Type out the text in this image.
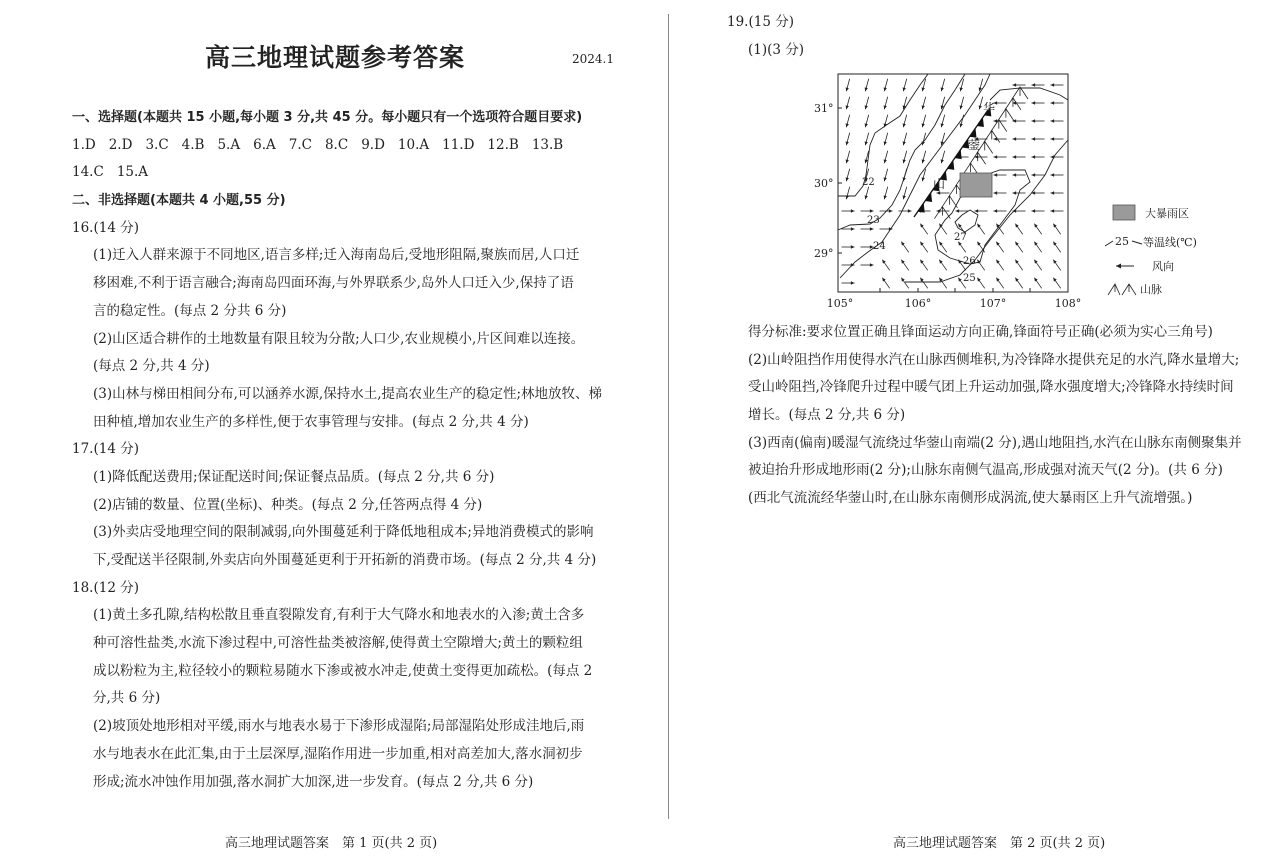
高三地理试题参考答案	2024.1
一、选择题(本题共 15 小题,每小题 3 分,共 45 分。每小题只有一个选项符合题目要求)
1.D 2.D 3.C 4.B 5.A 6.A 7.C 8.C 9.D 10.A 11.D 12.B 13.B
14.C 15.A
二、非选择题(本题共 4 小题,55 分)
16.(14 分)
(1)迁入人群来源于不同地区,语言多样;迁入海南岛后,受地形阻隔,聚族而居,人口迁
移困难,不利于语言融合;海南岛四面环海,与外界联系少,岛外人口迁入少,保持了语
言的稳定性。(每点 2 分共 6 分)
(2)山区适合耕作的土地数量有限且较为分散;人口少,农业规模小,片区间难以连接。
(每点 2 分,共 4 分)
(3)山林与梯田相间分布,可以涵养水源,保持水土,提高农业生产的稳定性;林地放牧、梯
田种植,增加农业生产的多样性,便于农事管理与安排。(每点 2 分,共 4 分)
17.(14 分)
(1)降低配送费用;保证配送时间;保证餐点品质。(每点 2 分,共 6 分)
(2)店铺的数量、位置(坐标)、种类。(每点 2 分,任答两点得 4 分)
(3)外卖店受地理空间的限制减弱,向外围蔓延利于降低地租成本;异地消费模式的影响
下,受配送半径限制,外卖店向外围蔓延更利于开拓新的消费市场。(每点 2 分,共 4 分)
18.(12 分)
(1)黄土多孔隙,结构松散且垂直裂隙发育,有利于大气降水和地表水的入渗;黄土含多
种可溶性盐类,水流下渗过程中,可溶性盐类被溶解,使得黄土空隙增大;黄土的颗粒组
成以粉粒为主,粒径较小的颗粒易随水下渗或被水冲走,使黄土变得更加疏松。(每点 2
分,共 6 分)
(2)坡顶处地形相对平缓,雨水与地表水易于下渗形成湿陷;局部湿陷处形成洼地后,雨
水与地表水在此汇集,由于土层深厚,湿陷作用进一步加重,相对高差加大,落水洞初步
形成;流水冲蚀作用加强,落水洞扩大加深,进一步发育。(每点 2 分,共 6 分)
19.(15 分)
(1)(3 分)
华
蓥
山
22
23
24
25
26
27
31°
30°
29°
105°	106°	107°	108°
大暴雨区
25 等温线(℃)
风向
山脉
得分标准:要求位置正确且锋面运动方向正确,锋面符号正确(必须为实心三角号)
(2)山岭阻挡作用使得水汽在山脉西侧堆积,为冷锋降水提供充足的水汽,降水量增大;
受山岭阻挡,冷锋爬升过程中暖气团上升运动加强,降水强度增大;冷锋降水持续时间
增长。(每点 2 分,共 6 分)
(3)西南(偏南)暖湿气流绕过华蓥山南端(2 分),遇山地阻挡,水汽在山脉东南侧聚集并
被迫抬升形成地形雨(2 分);山脉东南侧气温高,形成强对流天气(2 分)。(共 6 分)
(西北气流流经华蓥山时,在山脉东南侧形成涡流,使大暴雨区上升气流增强。)
高三地理试题答案　第 1 页(共 2 页)	高三地理试题答案　第 2 页(共 2 页)
